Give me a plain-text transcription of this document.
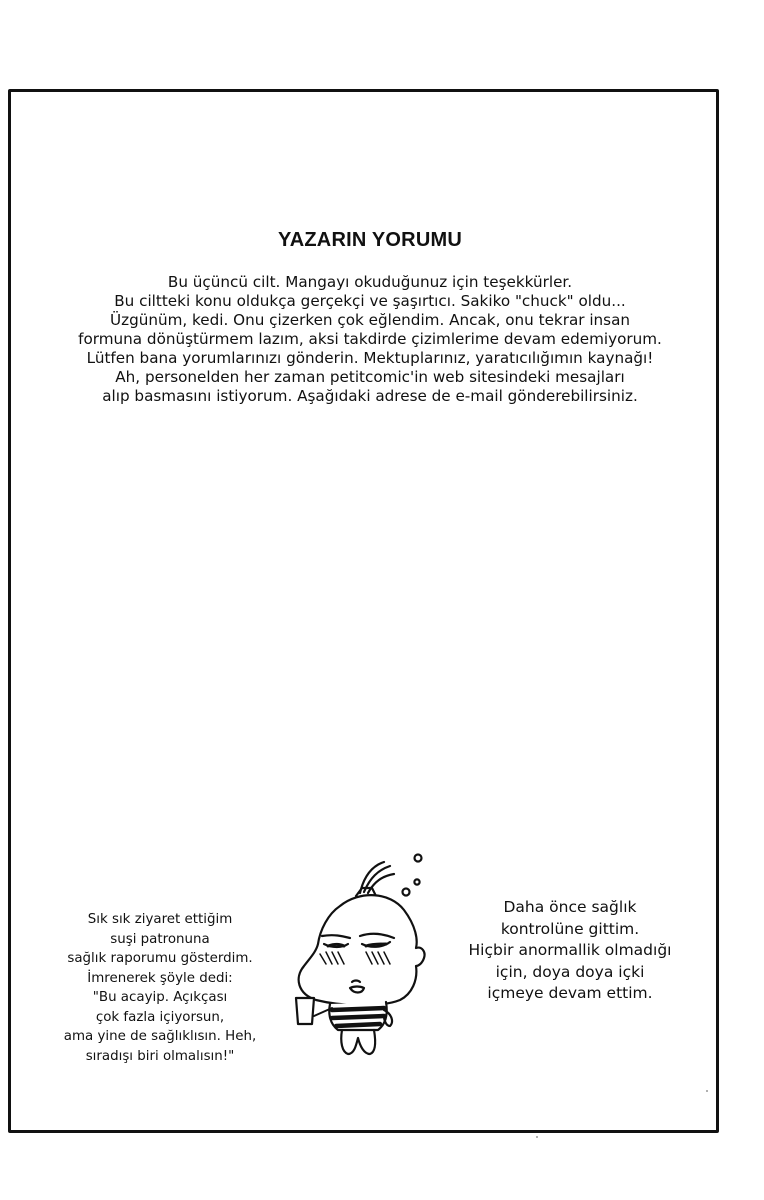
YAZARIN YORUMU
Bu üçüncü cilt. Mangayı okuduğunuz için teşekkürler.
Bu ciltteki konu oldukça gerçekçi ve şaşırtıcı. Sakiko "chuck" oldu...
Üzgünüm, kedi. Onu çizerken çok eğlendim. Ancak, onu tekrar insan
formuna dönüştürmem lazım, aksi takdirde çizimlerime devam edemiyorum.
Lütfen bana yorumlarınızı gönderin. Mektuplarınız, yaratıcılığımın kaynağı!
Ah, personelden her zaman petitcomic'in web sitesindeki mesajları
alıp basmasını istiyorum. Aşağıdaki adrese de e-mail gönderebilirsiniz.
Sık sık ziyaret ettiğim
suşi patronuna
sağlık raporumu gösterdim.
İmrenerek şöyle dedi:
"Bu acayip. Açıkçası
çok fazla içiyorsun,
ama yine de sağlıklısın. Heh,
sıradışı biri olmalısın!"
Daha önce sağlık
kontrolüne gittim.
Hiçbir anormallik olmadığı
için, doya doya içki
içmeye devam ettim.
